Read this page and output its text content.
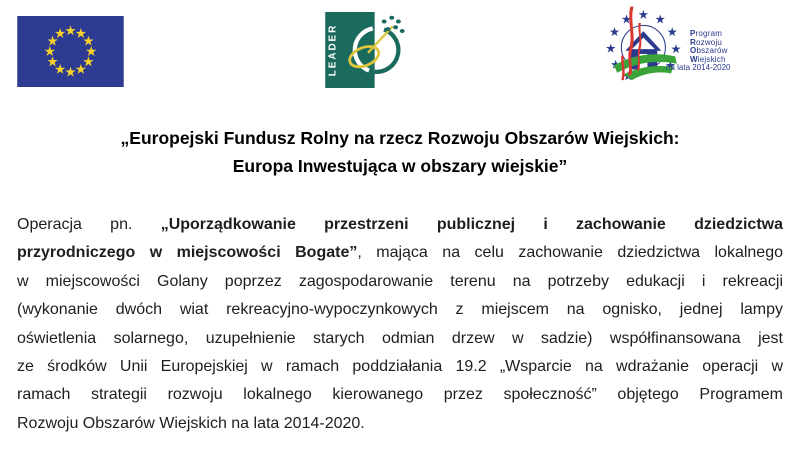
LEADER	Program
Rozwoju
Obszarów
Wiejskich
na lata 2014-2020
„Europejski Fundusz Rolny na rzecz Rozwoju Obszarów Wiejskich:
Europa Inwestująca w obszary wiejskie”
Operacja pn. „Uporządkowanie przestrzeni publicznej i zachowanie dziedzictwa
przyrodniczego w miejscowości Bogate”, mająca na celu zachowanie dziedzictwa lokalnego
w miejscowości Golany poprzez zagospodarowanie terenu na potrzeby edukacji i rekreacji
(wykonanie dwóch wiat rekreacyjno-wypoczynkowych z miejscem na ognisko, jednej lampy
oświetlenia solarnego, uzupełnienie starych odmian drzew w sadzie) współfinansowana jest
ze środków Unii Europejskiej w ramach poddziałania 19.2 „Wsparcie na wdrażanie operacji w
ramach strategii rozwoju lokalnego kierowanego przez społeczność” objętego Programem
Rozwoju Obszarów Wiejskich na lata 2014-2020.
